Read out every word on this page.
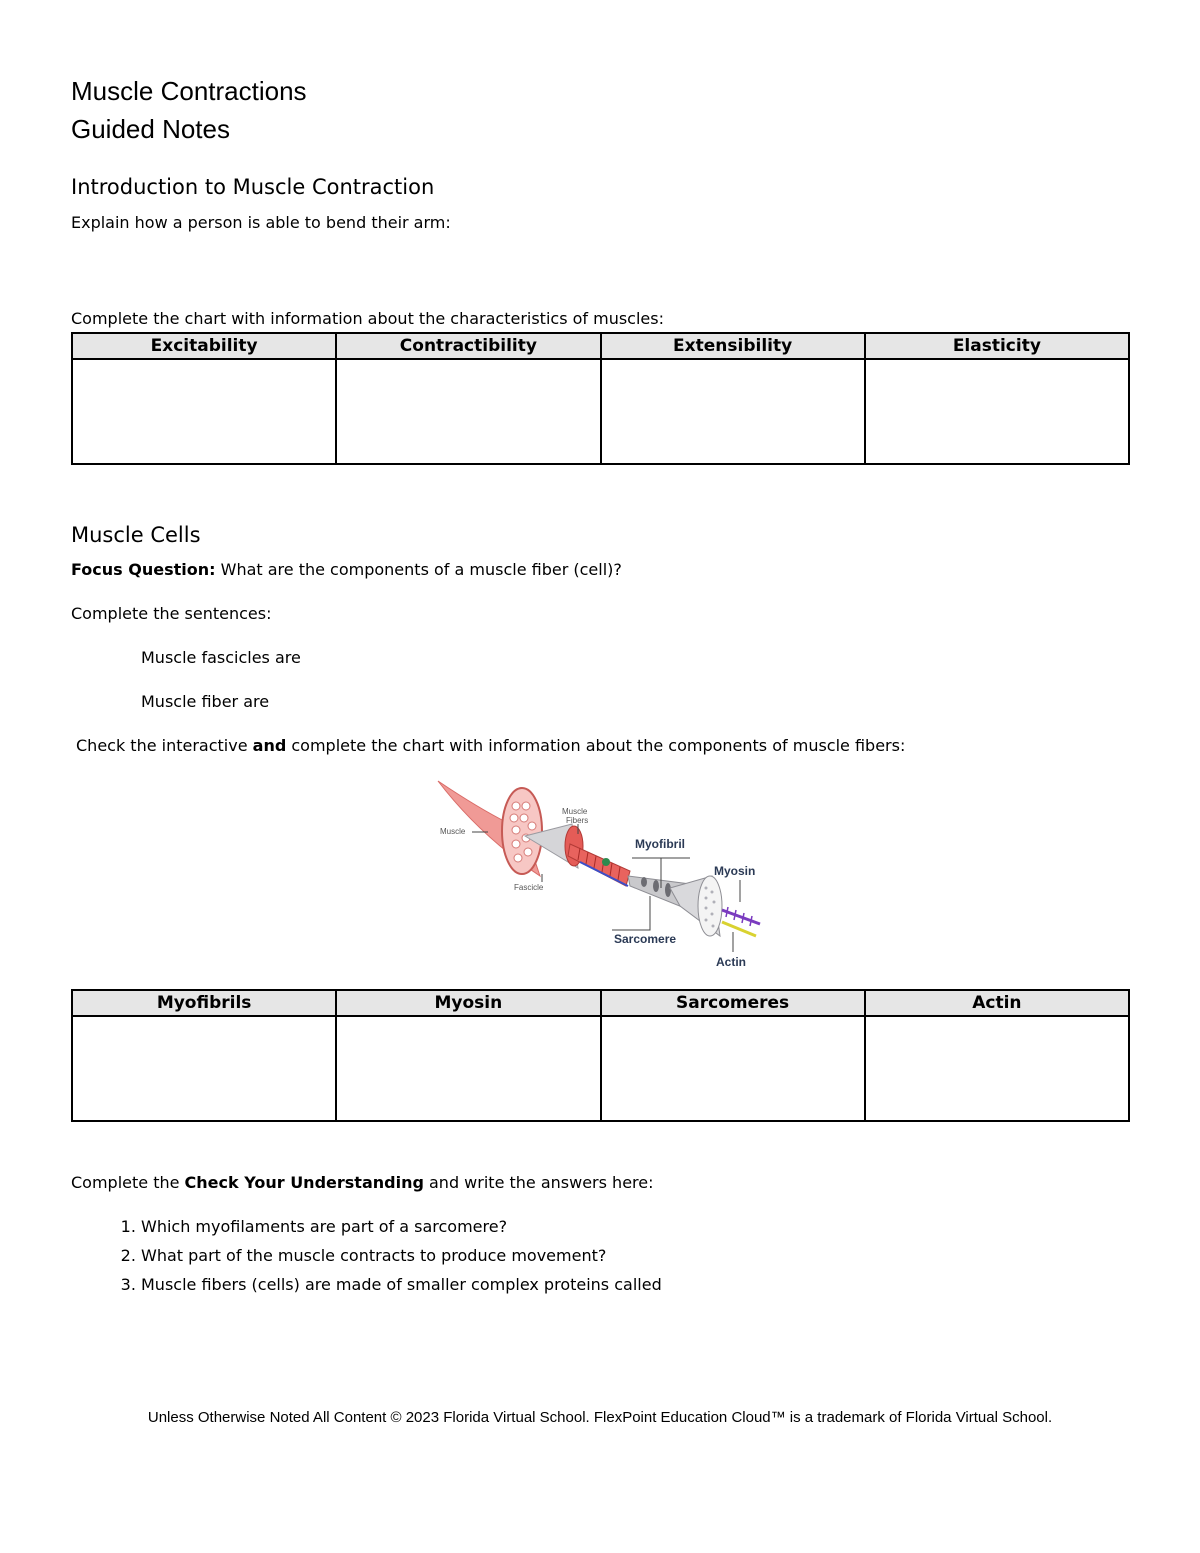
Muscle Contractions
Guided Notes
Introduction to Muscle Contraction
Explain how a person is able to bend their arm:
Complete the chart with information about the characteristics of muscles:
Excitability	Contractibility	Extensibility	Elasticity

Muscle Cells
Focus Question: What are the components of a muscle fiber (cell)?
Complete the sentences:
Muscle fascicles are
Muscle fiber are
Check the interactive and complete the chart with information about the components of muscle fibers:
Muscle
Muscle
Fibers
Fascicle
Myofibril
Myosin
Sarcomere
Actin
Myofibrils	Myosin	Sarcomeres	Actin

Complete the Check Your Understanding and write the answers here:
1. Which myofilaments are part of a sarcomere?
2. What part of the muscle contracts to produce movement?
3. Muscle fibers (cells) are made of smaller complex proteins called
Unless Otherwise Noted All Content © 2023 Florida Virtual School. FlexPoint Education Cloud™ is a trademark of Florida Virtual School.
